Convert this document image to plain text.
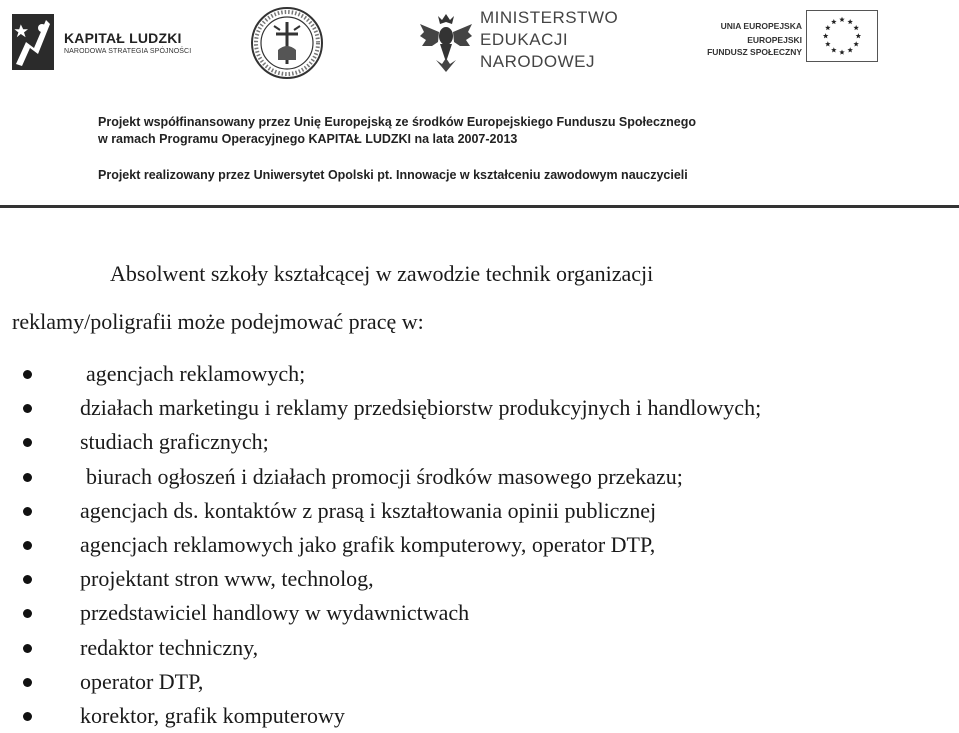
KAPITAŁ LUDZKI
NARODOWA STRATEGIA SPÓJNOŚCI
MINISTERSTWO
EDUKACJI
NARODOWEJ
UNIA EUROPEJSKA
EUROPEJSKI
FUNDUSZ SPOŁECZNY
Projekt współfinansowany przez Unię Europejską ze środków Europejskiego Funduszu Społecznego
w ramach Programu Operacyjnego KAPITAŁ LUDZKI na lata 2007-2013
Projekt realizowany przez Uniwersytet Opolski pt. Innowacje w kształceniu zawodowym nauczycieli
Absolwent szkoły kształcącej w zawodzie technik organizacji
reklamy/poligrafii może podejmować pracę w:
agencjach reklamowych;
działach marketingu i reklamy przedsiębiorstw produkcyjnych i handlowych;
studiach graficznych;
biurach ogłoszeń i działach promocji środków masowego przekazu;
agencjach ds. kontaktów z prasą i kształtowania opinii publicznej
agencjach reklamowych jako grafik komputerowy, operator DTP,
projektant stron www, technolog,
przedstawiciel handlowy w wydawnictwach
redaktor techniczny,
operator DTP,
korektor, grafik komputerowy
